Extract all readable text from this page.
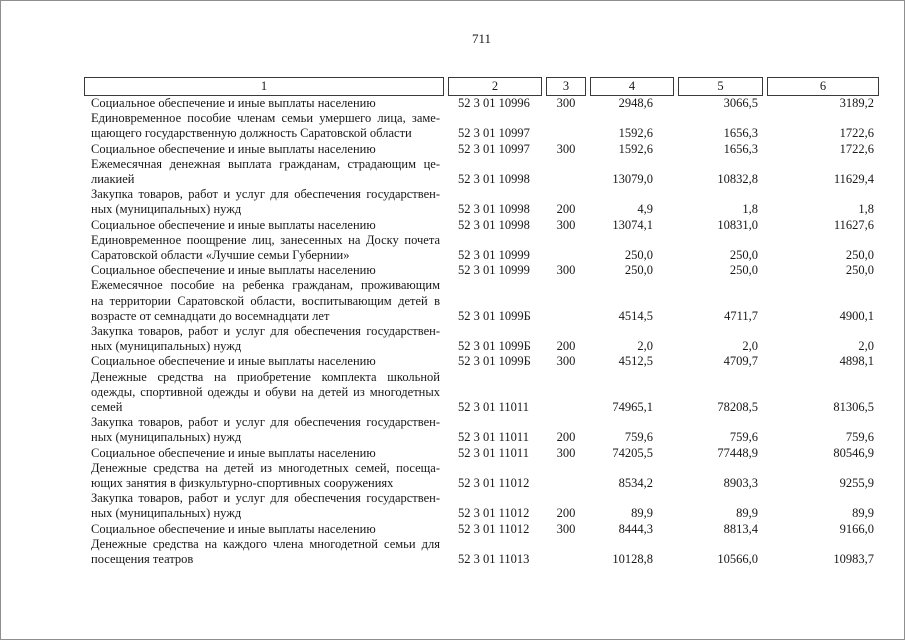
711
1	2	3	4	5	6

Социальное обеспечение и иные выплаты населению	52 3 01 10996	300	2948,6	3066,5	3189,2

Единовременное пособие членам семьи умершего лица, заме-
щающего государственную должность Саратовской области	52 3 01 10997		1592,6	1656,3	1722,6

Социальное обеспечение и иные выплаты населению	52 3 01 10997	300	1592,6	1656,3	1722,6

Ежемесячная денежная выплата гражданам, страдающим це-
лиакией	52 3 01 10998		13079,0	10832,8	11629,4

Закупка товаров, работ и услуг для обеспечения государствен-
ных (муниципальных) нужд	52 3 01 10998	200	4,9	1,8	1,8

Социальное обеспечение и иные выплаты населению	52 3 01 10998	300	13074,1	10831,0	11627,6

Единовременное поощрение лиц, занесенных на Доску почета
Саратовской области «Лучшие семьи Губернии»	52 3 01 10999		250,0	250,0	250,0

Социальное обеспечение и иные выплаты населению	52 3 01 10999	300	250,0	250,0	250,0

Ежемесячное пособие на ребенка гражданам, проживающим
на территории Саратовской области, воспитывающим детей в
возрасте от семнадцати до восемнадцати лет	52 3 01 1099Б		4514,5	4711,7	4900,1

Закупка товаров, работ и услуг для обеспечения государствен-
ных (муниципальных) нужд	52 3 01 1099Б	200	2,0	2,0	2,0

Социальное обеспечение и иные выплаты населению	52 3 01 1099Б	300	4512,5	4709,7	4898,1

Денежные средства на приобретение комплекта школьной
одежды, спортивной одежды и обуви на детей из многодетных
семей	52 3 01 11011		74965,1	78208,5	81306,5

Закупка товаров, работ и услуг для обеспечения государствен-
ных (муниципальных) нужд	52 3 01 11011	200	759,6	759,6	759,6

Социальное обеспечение и иные выплаты населению	52 3 01 11011	300	74205,5	77448,9	80546,9

Денежные средства на детей из многодетных семей, посеща-
ющих занятия в физкультурно-спортивных сооружениях	52 3 01 11012		8534,2	8903,3	9255,9

Закупка товаров, работ и услуг для обеспечения государствен-
ных (муниципальных) нужд	52 3 01 11012	200	89,9	89,9	89,9

Социальное обеспечение и иные выплаты населению	52 3 01 11012	300	8444,3	8813,4	9166,0

Денежные средства на каждого члена многодетной семьи для
посещения театров	52 3 01 11013		10128,8	10566,0	10983,7
